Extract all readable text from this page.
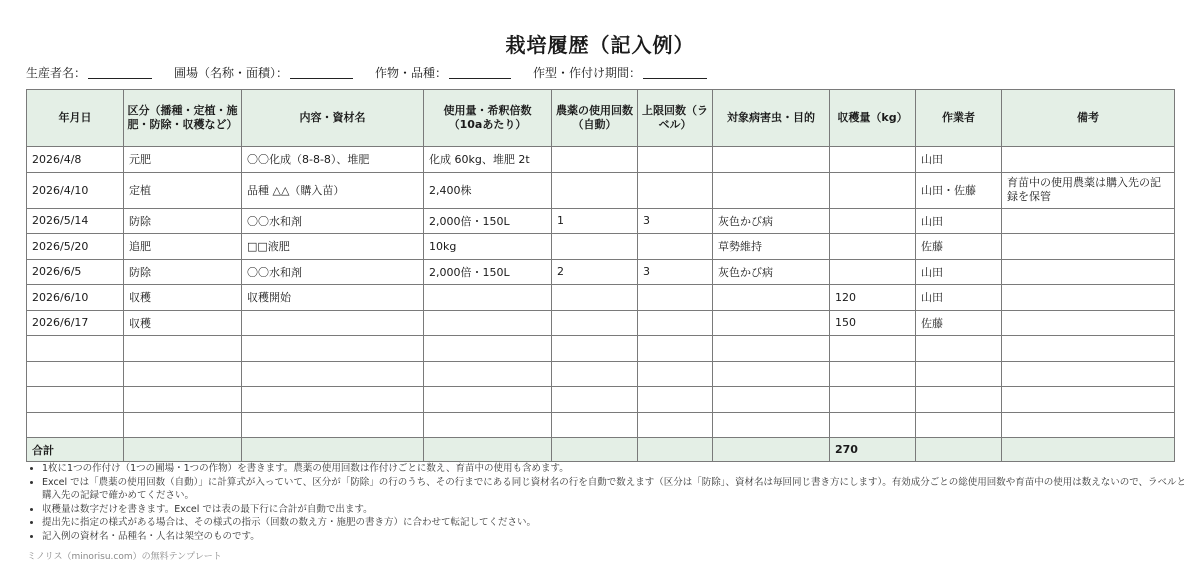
栽培履歴（記入例）
生産者名：	圃場（名称・面積）：	作物・品種：	作型・作付け期間：
年月日	区分（播種・定植・施肥・防除・収穫など）	内容・資材名	使用量・希釈倍数（10aあたり）	農薬の使用回数（自動）	上限回数（ラベル）	対象病害虫・目的	収穫量（kg）	作業者	備考
2026/4/8	元肥	〇〇化成（8-8-8）、堆肥	化成 60kg、堆肥 2t					山田	
2026/4/10	定植	品種 △△（購入苗）	2,400株					山田・佐藤	育苗中の使用農薬は購入先の記録を保管
2026/5/14	防除	〇〇水和剤	2,000倍・150L	1	3	灰色かび病		山田	
2026/5/20	追肥	□□液肥	10kg			草勢維持		佐藤	
2026/6/5	防除	〇〇水和剤	2,000倍・150L	2	3	灰色かび病		山田	
2026/6/10	収穫	収穫開始					120	山田	
2026/6/17	収穫						150	佐藤	

合計							270		
• 1枚に1つの作付け（1つの圃場・1つの作物）を書きます。農薬の使用回数は作付けごとに数え、育苗中の使用も含めます。
• Excel では「農薬の使用回数（自動）」に計算式が入っていて、区分が「防除」の行のうち、その行までにある同じ資材名の行を自動で数えます（区分は「防除」、資材名は毎回同じ書き方にします）。有効成分ごとの総使用回数や育苗中の使用は数えないので、ラベルと購入先の記録で確かめてください。
• 収穫量は数字だけを書きます。Excel では表の最下行に合計が自動で出ます。
• 提出先に指定の様式がある場合は、その様式の指示（回数の数え方・施肥の書き方）に合わせて転記してください。
• 記入例の資材名・品種名・人名は架空のものです。
ミノリス（minorisu.com）の無料テンプレート
